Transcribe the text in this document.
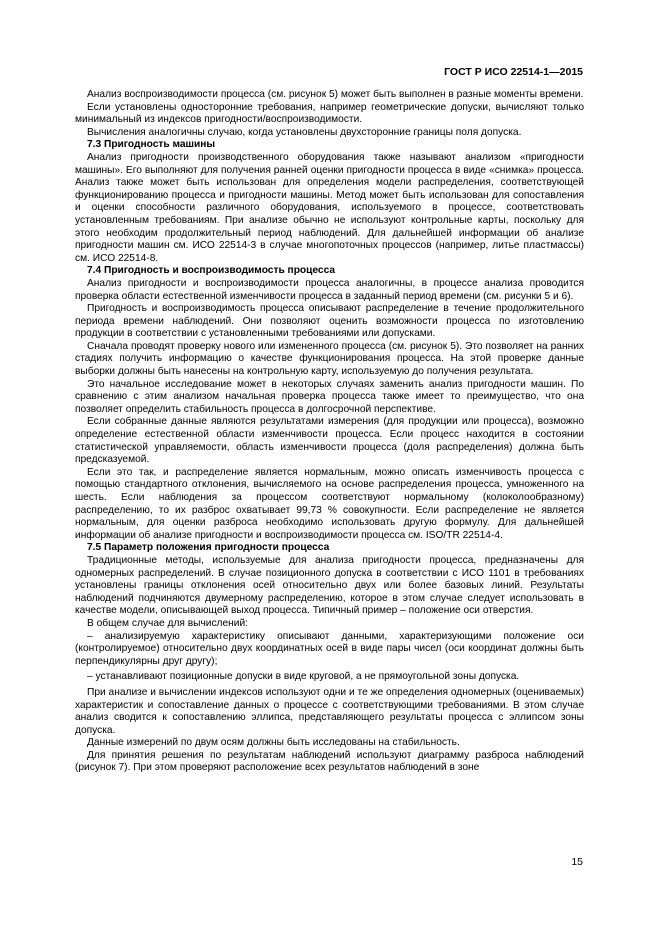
ГОСТ Р ИСО 22514-1—2015

Анализ воспроизводимости процесса (см. рисунок 5) может быть выполнен в разные моменты времени.

Если установлены односторонние требования, например геометрические допуски, вычисляют только минимальный из индексов пригодности/воспроизводимости.

Вычисления аналогичны случаю, когда установлены двухсторонние границы поля допуска.

7.3 Пригодность машины

Анализ пригодности производственного оборудования также называют анализом «пригодности машины». Его выполняют для получения ранней оценки пригодности процесса в виде «снимка» процесса. Анализ также может быть использован для определения модели распределения, соответствующей функционированию процесса и пригодности машины. Метод может быть использован для сопоставления и оценки способности различного оборудования, используемого в процессе, соответствовать установленным требованиям. При анализе обычно не используют контрольные карты, поскольку для этого необходим продолжительный период наблюдений. Для дальнейшей информации об анализе пригодности машин см. ИСО 22514-3 в случае многопоточных процессов (например, литье пластмассы) см. ИСО 22514-8.

7.4 Пригодность и воспроизводимость процесса

Анализ пригодности и воспроизводимости процесса аналогичны, в процессе анализа проводится проверка области естественной изменчивости процесса в заданный период времени (см. рисунки 5 и 6).

Пригодность и воспроизводимость процесса описывают распределение в течение продолжительного периода времени наблюдений. Они позволяют оценить возможности процесса по изготовлению продукции в соответствии с установленными требованиями или допусками.

Сначала проводят проверку нового или измененного процесса (см. рисунок 5). Это позволяет на ранних стадиях получить информацию о качестве функционирования процесса. На этой проверке данные выборки должны быть нанесены на контрольную карту, используемую до получения результата.

Это начальное исследование может в некоторых случаях заменить анализ пригодности машин. По сравнению с этим анализом начальная проверка процесса также имеет то преимущество, что она позволяет определить стабильность процесса в долгосрочной перспективе.

Если собранные данные являются результатами измерения (для продукции или процесса), возможно определение естественной области изменчивости процесса. Если процесс находится в состоянии статистической управляемости, область изменчивости процесса (доля распределения) должна быть предсказуемой.

Если это так, и распределение является нормальным, можно описать изменчивость процесса с помощью стандартного отклонения, вычисляемого на основе распределения процесса, умноженного на шесть. Если наблюдения за процессом соответствуют нормальному (колоколообразному) распределению, то их разброс охватывает 99,73 % совокупности. Если распределение не является нормальным, для оценки разброса необходимо использовать другую формулу. Для дальнейшей информации об анализе пригодности и воспроизводимости процесса см. ISO/TR 22514-4.

7.5 Параметр положения пригодности процесса

Традиционные методы, используемые для анализа пригодности процесса, предназначены для одномерных распределений. В случае позиционного допуска в соответствии с ИСО 1101 в требованиях установлены границы отклонения осей относительно двух или более базовых линий. Результаты наблюдений подчиняются двумерному распределению, которое в этом случае следует использовать в качестве модели, описывающей выход процесса. Типичный пример – положение оси отверстия.

В общем случае для вычислений:

– анализируемую характеристику описывают данными, характеризующими положение оси (контролируемое) относительно двух координатных осей в виде пары чисел (оси координат должны быть перпендикулярны друг другу);

– устанавливают позиционные допуски в виде круговой, а не прямоугольной зоны допуска.

При анализе и вычислении индексов используют одни и те же определения одномерных (оцениваемых) характеристик и сопоставление данных о процессе с соответствующими требованиями. В этом случае анализ сводится к сопоставлению эллипса, представляющего результаты процесса с эллипсом зоны допуска.

Данные измерений по двум осям должны быть исследованы на стабильность.

Для принятия решения по результатам наблюдений используют диаграмму разброса наблюдений (рисунок 7). При этом проверяют расположение всех результатов наблюдений в зоне

15
